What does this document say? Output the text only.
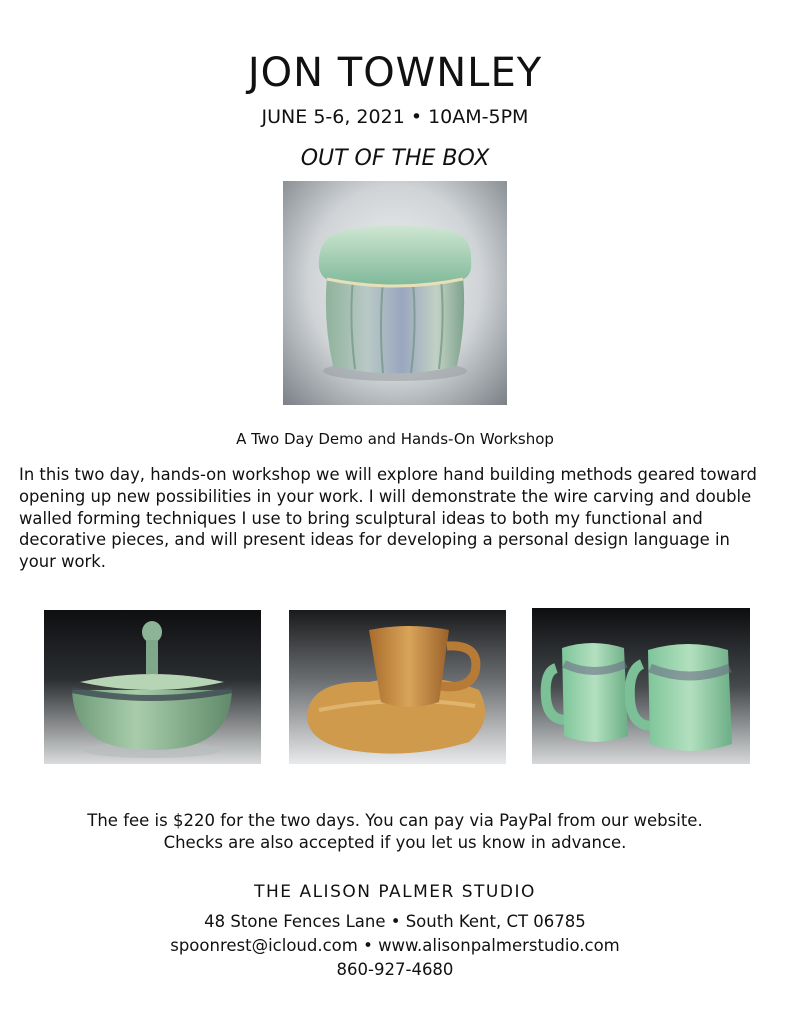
JON TOWNLEY
JUNE 5-6, 2021 • 10AM-5PM
OUT OF THE BOX
A Two Day Demo and Hands-On Workshop
In this two day, hands-on workshop we will explore hand building methods geared toward opening up new possibilities in your work. I will demonstrate the wire carving and double walled forming techniques I use to bring sculptural ideas to both my functional and decorative pieces, and will present ideas for developing a personal design language in your work.
The fee is $220 for the two days. You can pay via PayPal from our website.
Checks are also accepted if you let us know in advance.
THE ALISON PALMER STUDIO
48 Stone Fences Lane • South Kent, CT 06785
spoonrest@icloud.com • www.alisonpalmerstudio.com
860-927-4680
